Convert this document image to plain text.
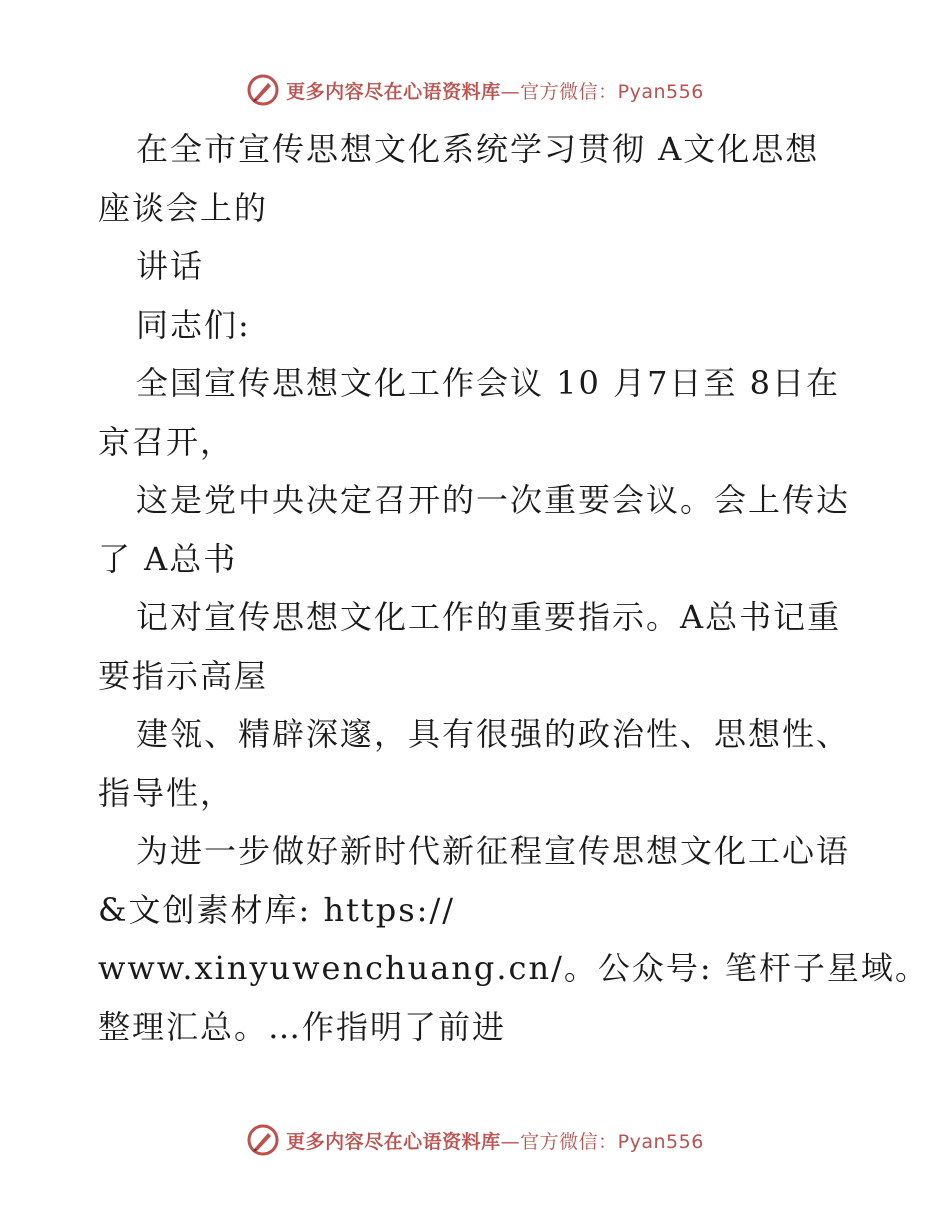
更多内容尽在心语资料库—官方微信：Pyan556
在全市宣传思想文化系统学习贯彻 A文化思想
座谈会上的
讲话
同志们:
全国宣传思想文化工作会议 10 月7日至 8日在
京召开，
这是党中央决定召开的一次重要会议。会上传达
了 A总书
记对宣传思想文化工作的重要指示。A总书记重
要指示高屋
建瓴、精辟深邃，具有很强的政治性、思想性、
指导性，
为进一步做好新时代新征程宣传思想文化工心语
&文创素材库: https://
www.xinyuwenchuang.cn/。公众号: 笔杆子星域。
整理汇总。…作指明了前进
更多内容尽在心语资料库—官方微信：Pyan556
